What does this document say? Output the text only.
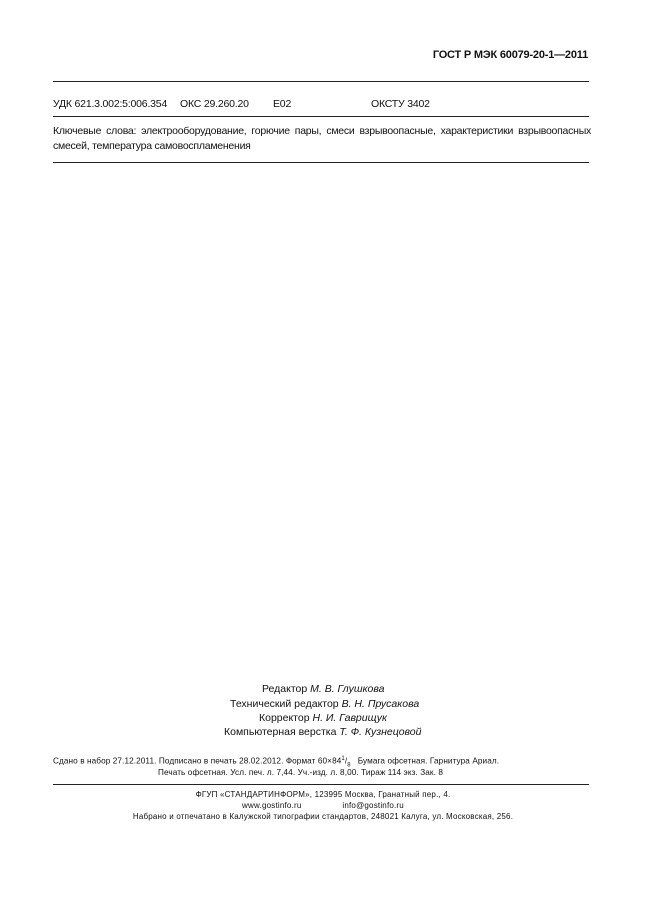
ГОСТ Р МЭК 60079-20-1—2011
УДК 621.3.002:5:006.354 ОКС 29.260.20 Е02	ОКСТУ 3402
Ключевые слова: электрооборудование, горючие пары, смеси взрывоопасные, характеристики взрывоопасных смесей, температура самовоспламенения
Редактор М. В. Глушкова
Технический редактор В. Н. Прусакова
Корректор Н. И. Гаврищук
Компьютерная верстка Т. Ф. Кузнецовой
Сдано в набор 27.12.2011. Подписано в печать 28.02.2012. Формат $60\times 84^1/_8$ Бумага офсетная. Гарнитура Ариал.
Печать офсетная. Усл. печ. л. 7,44. Уч.-изд. л. 8,00. Тираж 114 экз. Зак. 8
ФГУП «СТАНДАРТИНФОРМ», 123995 Москва, Гранатный пер., 4.
www.gostinfo.ru	info@gostinfo.ru
Набрано и отпечатано в Калужской типографии стандартов, 248021 Калуга, ул. Московская, 256.
